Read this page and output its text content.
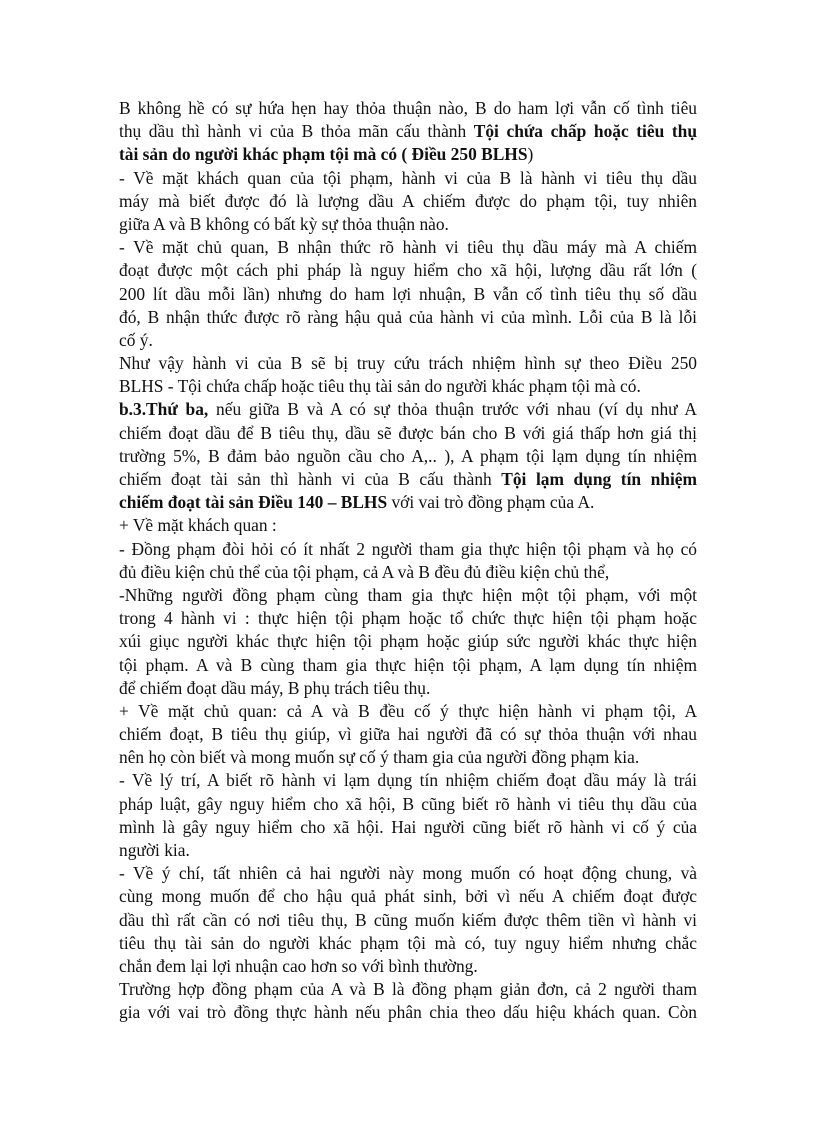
B không hề có sự hứa hẹn hay thỏa thuận nào, B do ham lợi vẫn cố tình tiêu
thụ dầu thì hành vi của B thỏa mãn cấu thành Tội chứa chấp hoặc tiêu thụ
tài sản do người khác phạm tội mà có ( Điều 250 BLHS)
- Về mặt khách quan của tội phạm, hành vi của B là hành vi tiêu thụ dầu
máy mà biết được đó là lượng dầu A chiếm được do phạm tội, tuy nhiên
giữa A và B không có bất kỳ sự thỏa thuận nào.
- Về mặt chủ quan, B nhận thức rõ hành vi tiêu thụ dầu máy mà A chiếm
đoạt được một cách phi pháp là nguy hiểm cho xã hội, lượng dầu rất lớn (
200 lít dầu mỗi lần) nhưng do ham lợi nhuận, B vẫn cố tình tiêu thụ số dầu
đó, B nhận thức được rõ ràng hậu quả của hành vi của mình. Lỗi của B là lỗi
cố ý.
Như vậy hành vi của B sẽ bị truy cứu trách nhiệm hình sự theo Điều 250
BLHS - Tội chứa chấp hoặc tiêu thụ tài sản do người khác phạm tội mà có.
b.3.Thứ ba, nếu giữa B và A có sự thỏa thuận trước với nhau (ví dụ như A
chiếm đoạt dầu để B tiêu thụ, dầu sẽ được bán cho B với giá thấp hơn giá thị
trường 5%, B đảm bảo nguồn cầu cho A,.. ), A phạm tội lạm dụng tín nhiệm
chiếm đoạt tài sản thì hành vi của B cấu thành Tội lạm dụng tín nhiệm
chiếm đoạt tài sản Điều 140 – BLHS với vai trò đồng phạm của A.
+ Về mặt khách quan :
- Đồng phạm đòi hỏi có ít nhất 2 người tham gia thực hiện tội phạm và họ có
đủ điều kiện chủ thể của tội phạm, cả A và B đều đủ điều kiện chủ thể,
-Những người đồng phạm cùng tham gia thực hiện một tội phạm, với một
trong 4 hành vi : thực hiện tội phạm hoặc tổ chức thực hiện tội phạm hoặc
xúi giục người khác thực hiện tội phạm hoặc giúp sức người khác thực hiện
tội phạm. A và B cùng tham gia thực hiện tội phạm, A lạm dụng tín nhiệm
để chiếm đoạt dầu máy, B phụ trách tiêu thụ.
+ Về mặt chủ quan: cả A và B đều cố ý thực hiện hành vi phạm tội, A
chiếm đoạt, B tiêu thụ giúp, vì giữa hai người đã có sự thỏa thuận với nhau
nên họ còn biết và mong muốn sự cố ý tham gia của người đồng phạm kia.
- Về lý trí, A biết rõ hành vi lạm dụng tín nhiệm chiếm đoạt dầu máy là trái
pháp luật, gây nguy hiểm cho xã hội, B cũng biết rõ hành vi tiêu thụ dầu của
mình là gây nguy hiểm cho xã hội. Hai người cũng biết rõ hành vi cố ý của
người kia.
- Về ý chí, tất nhiên cả hai người này mong muốn có hoạt động chung, và
cùng mong muốn để cho hậu quả phát sinh, bởi vì nếu A chiếm đoạt được
dầu thì rất cần có nơi tiêu thụ, B cũng muốn kiếm được thêm tiền vì hành vi
tiêu thụ tài sản do người khác phạm tội mà có, tuy nguy hiểm nhưng chắc
chắn đem lại lợi nhuận cao hơn so với bình thường.
Trường hợp đồng phạm của A và B là đồng phạm giản đơn, cả 2 người tham
gia với vai trò đồng thực hành nếu phân chia theo dấu hiệu khách quan. Còn
